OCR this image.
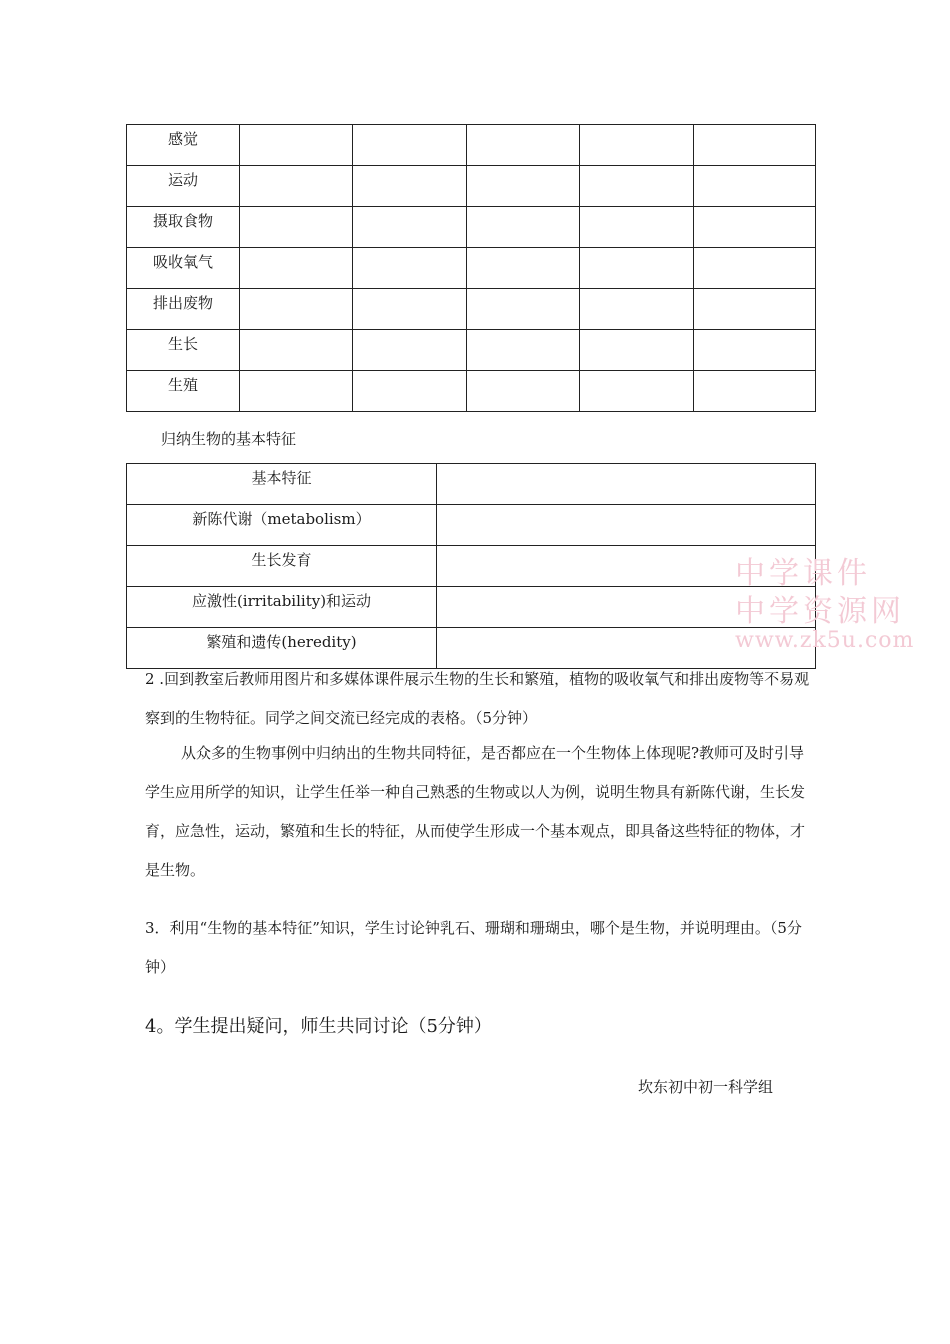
感觉					
运动					
摄取食物					
吸收氧气					
排出废物					
生长					
生殖					
归纳生物的基本特征
基本特征	
新陈代谢（metabolism）	
生长发育	
应激性(irritability)和运动	
繁殖和遗传(heredity)	
中学课件
中学资源网
www.zk5u.com
2 .回到教室后教师用图片和多媒体课件展示生物的生长和繁殖，植物的吸收氧气和排出废物等不易观察到的生物特征。同学之间交流已经完成的表格。（5分钟）
从众多的生物事例中归纳出的生物共同特征，是否都应在一个生物体上体现呢?教师可及时引导学生应用所学的知识，让学生任举一种自己熟悉的生物或以人为例，说明生物具有新陈代谢，生长发育，应急性，运动，繁殖和生长的特征，从而使学生形成一个基本观点，即具备这些特征的物体，才是生物。
3．利用“生物的基本特征”知识，学生讨论钟乳石、珊瑚和珊瑚虫，哪个是生物，并说明理由。（5分钟）
4。学生提出疑问，师生共同讨论（5分钟）
坎东初中初一科学组
